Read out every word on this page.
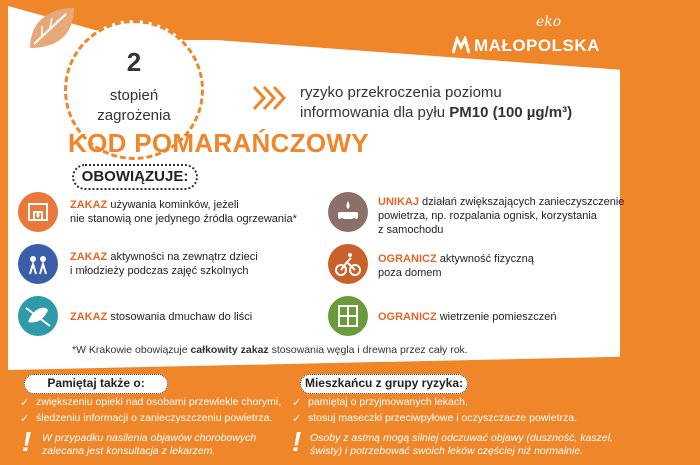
2
stopień
zagrożenia
eko
MAŁOPOLSKA
ryzyko przekroczenia poziomu
informowania dla pyłu PM10 (100 µg/m³)
KOD POMARAŃCZOWY
OBOWIĄZUJE:
ZAKAZ używania kominków, jeżeli
nie stanowią one jedynego źródła ogrzewania*
ZAKAZ aktywności na zewnątrz dzieci
i młodzieży podczas zajęć szkolnych
ZAKAZ stosowania dmuchaw do liści
UNIKAJ działań zwiększających zanieczyszczenie
powietrza, np. rozpalania ognisk, korzystania
z samochodu
OGRANICZ aktywność fizyczną
poza domem
OGRANICZ wietrzenie pomieszczeń
*W Krakowie obowiązuje całkowity zakaz stosowania węgla i drewna przez cały rok.
Pamiętaj także o:
✓ zwiększeniu opieki nad osobami przewlekle chorymi,
✓ śledzeniu informacji o zanieczyszczeniu powietrza.
! W przypadku nasilenia objawów chorobowych
zalecana jest konsultacja z lekarzem.
Mieszkańcu z grupy ryzyka:
✓ pamiętaj o przyjmowanych lekach,
✓ stosuj maseczki przeciwpyłowe i oczyszczacze powietrza.
! Osoby z astmą mogą silniej odczuwać objawy (duszność, kaszel,
świsty) i potrzebować swoich leków częściej niż normalnie.
